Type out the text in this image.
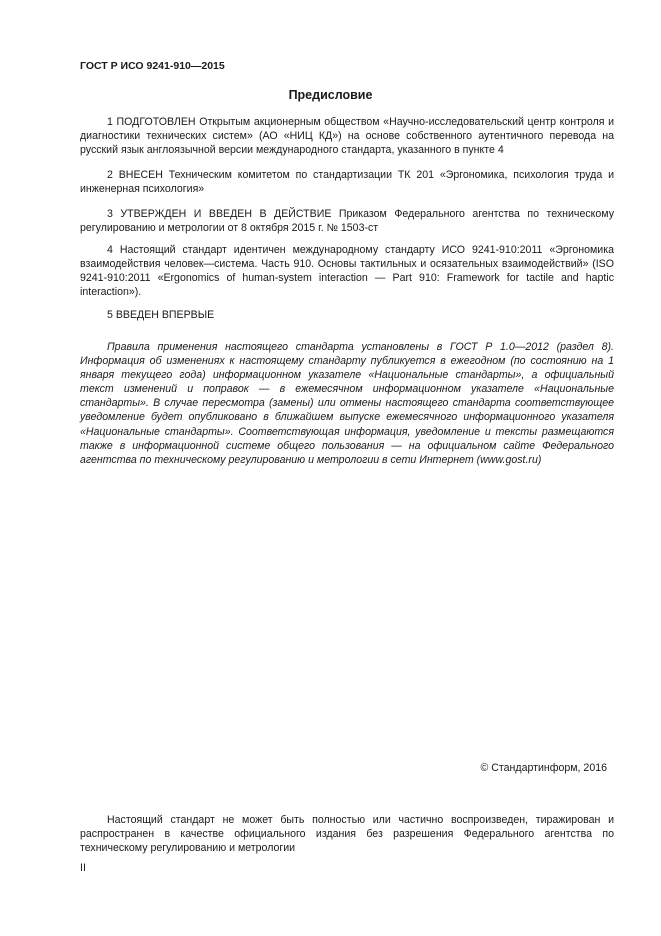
ГОСТ Р ИСО 9241-910—2015
Предисловие
1 ПОДГОТОВЛЕН Открытым акционерным обществом «Научно-исследовательский центр контроля и диагностики технических систем» (АО «НИЦ КД») на основе собственного аутентичного перевода на русский язык англоязычной версии международного стандарта, указанного в пункте 4
2 ВНЕСЕН Техническим комитетом по стандартизации ТК 201 «Эргономика, психология труда и инженерная психология»
3 УТВЕРЖДЕН И ВВЕДЕН В ДЕЙСТВИЕ Приказом Федерального агентства по техническому регулированию и метрологии от 8 октября 2015 г. № 1503-ст
4 Настоящий стандарт идентичен международному стандарту ИСО 9241-910:2011 «Эргономика взаимодействия человек—система. Часть 910. Основы тактильных и осязательных взаимодействий» (ISO 9241-910:2011 «Ergonomics of human-system interaction — Part 910: Framework for tactile and haptic interaction»).
5 ВВЕДЕН ВПЕРВЫЕ
Правила применения настоящего стандарта установлены в ГОСТ Р 1.0—2012 (раздел 8). Информация об изменениях к настоящему стандарту публикуется в ежегодном (по состоянию на 1 января текущего года) информационном указателе «Национальные стандарты», а официальный текст изменений и поправок — в ежемесячном информационном указателе «Национальные стандарты». В случае пересмотра (замены) или отмены настоящего стандарта соответствующее уведомление будет опубликовано в ближайшем выпуске ежемесячного информационного указателя «Национальные стандарты». Соответствующая информация, уведомление и тексты размещаются также в информационной системе общего пользования — на официальном сайте Федерального агентства по техническому регулированию и метрологии в сети Интернет (www.gost.ru)
© Стандартинформ, 2016
Настоящий стандарт не может быть полностью или частично воспроизведен, тиражирован и распространен в качестве официального издания без разрешения Федерального агентства по техническому регулированию и метрологии
II
